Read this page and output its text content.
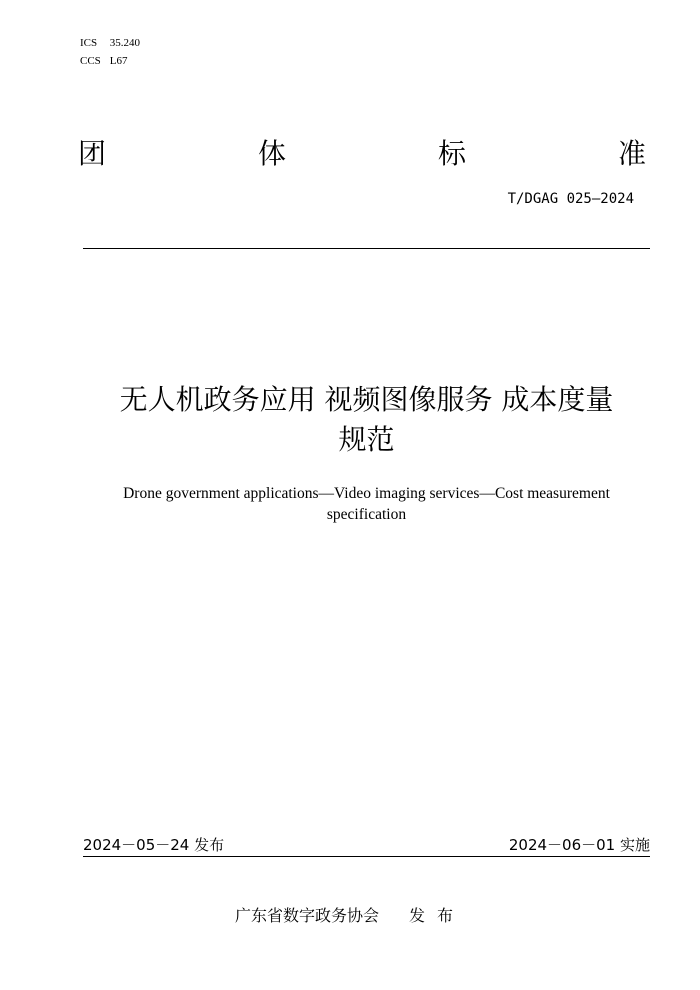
ICS 35.240
CCS L67
团	体	标	准
T/DGAG 025—2024
无人机政务应用 视频图像服务 成本度量
规范
Drone government applications—Video imaging services—Cost measurement
specification
2024－05－24 发布	2024－06－01 实施
广东省数字政务协会 发布
